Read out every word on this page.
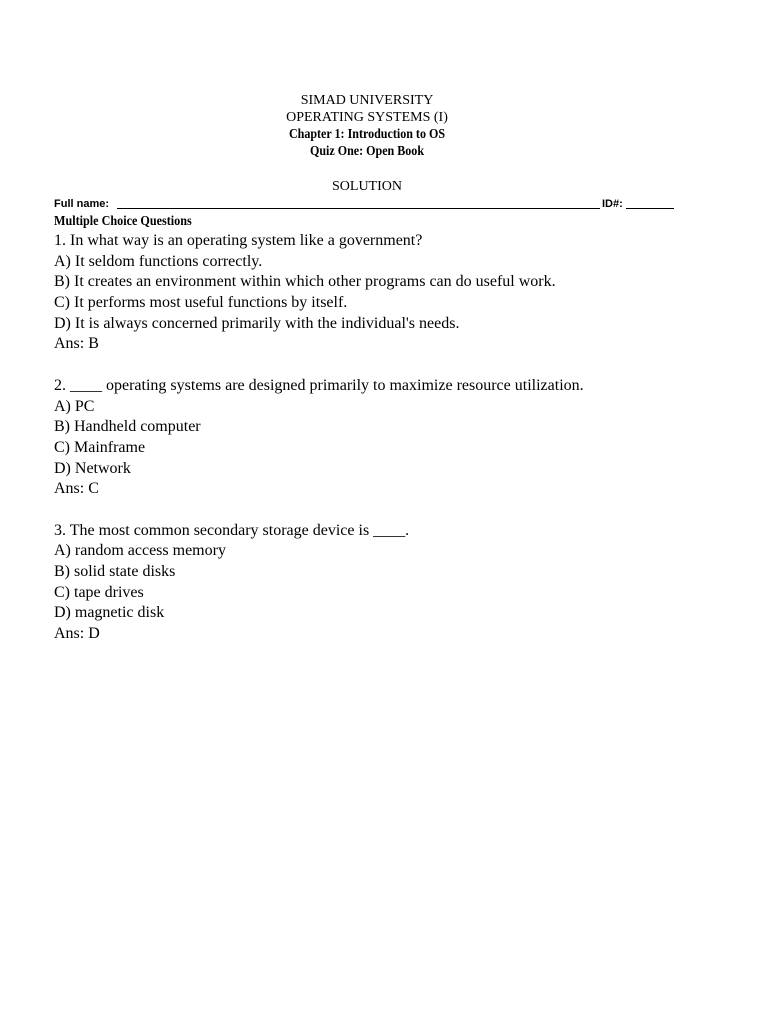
SIMAD UNIVERSITY
OPERATING SYSTEMS (I)
Chapter 1: Introduction to OS
Quiz One: Open Book
SOLUTION
Full name:	ID#:
Multiple Choice Questions
1. In what way is an operating system like a government?
A) It seldom functions correctly.
B) It creates an environment within which other programs can do useful work.
C) It performs most useful functions by itself.
D) It is always concerned primarily with the individual's needs.
Ans: B
2. ____ operating systems are designed primarily to maximize resource utilization.
A) PC
B) Handheld computer
C) Mainframe
D) Network
Ans: C
3. The most common secondary storage device is ____.
A) random access memory
B) solid state disks
C) tape drives
D) magnetic disk
Ans: D
